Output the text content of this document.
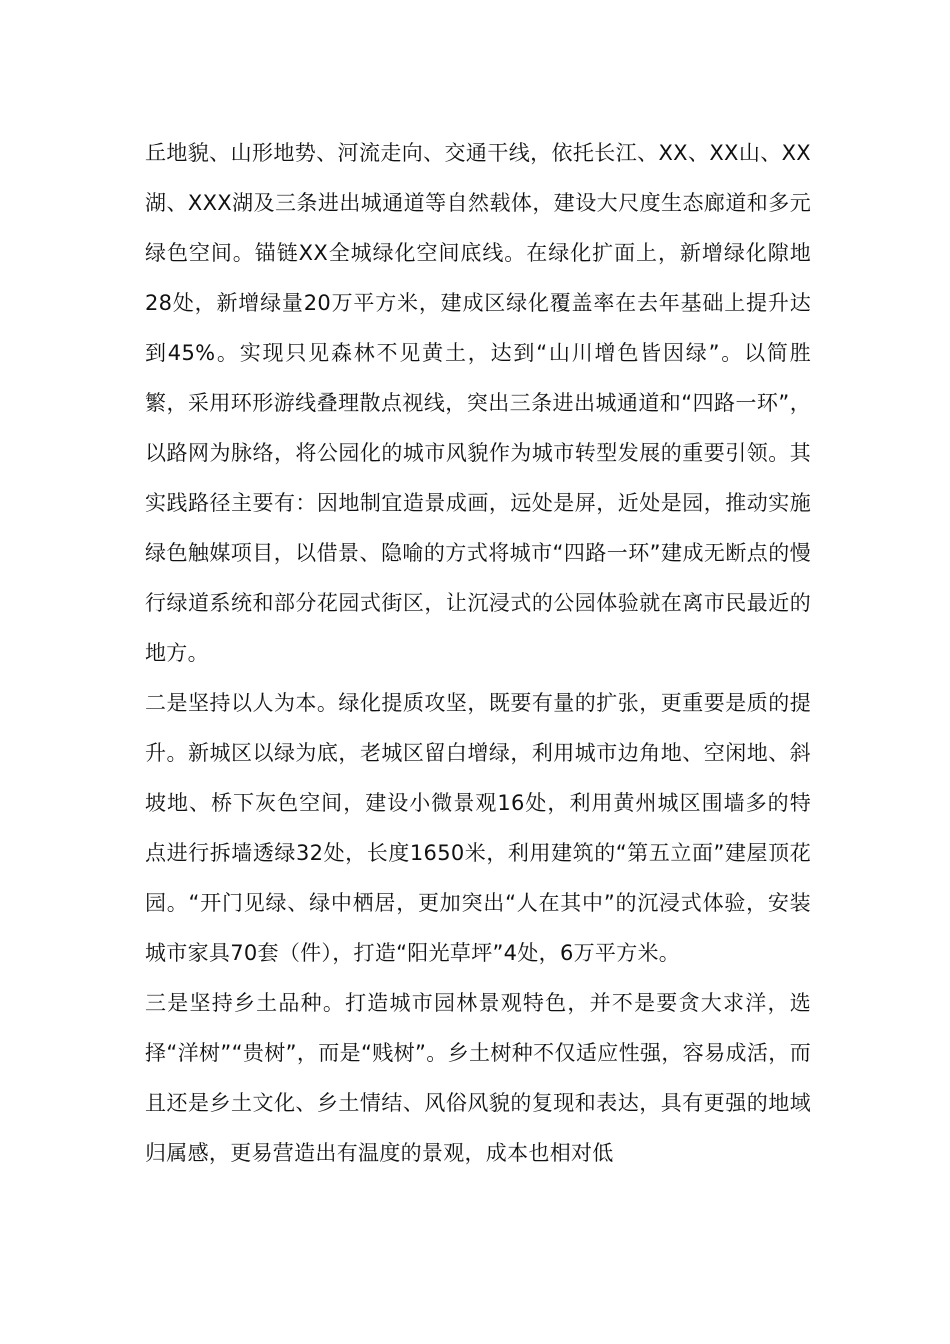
丘地貌、山形地势、河流走向、交通干线，依托长江、XX、XX山、XX湖、XXX湖及三条进出城通道等自然载体，建设大尺度生态廊道和多元绿色空间。锚链XX全城绿化空间底线。在绿化扩面上，新增绿化隙地28处，新增绿量20万平方米，建成区绿化覆盖率在去年基础上提升达到45%。实现只见森林不见黄土，达到“山川增色皆因绿”。以简胜繁，采用环形游线叠理散点视线，突出三条进出城通道和“四路一环”，以路网为脉络，将公园化的城市风貌作为城市转型发展的重要引领。其实践路径主要有：因地制宜造景成画，远处是屏，近处是园，推动实施绿色触媒项目，以借景、隐喻的方式将城市“四路一环”建成无断点的慢行绿道系统和部分花园式街区，让沉浸式的公园体验就在离市民最近的地方。

二是坚持以人为本。绿化提质攻坚，既要有量的扩张，更重要是质的提升。新城区以绿为底，老城区留白增绿，利用城市边角地、空闲地、斜坡地、桥下灰色空间，建设小微景观16处，利用黄州城区围墙多的特点进行拆墙透绿32处，长度1650米，利用建筑的“第五立面”建屋顶花园。“开门见绿、绿中栖居，更加突出“人在其中”的沉浸式体验，安装城市家具70套（件），打造“阳光草坪”4处，6万平方米。

三是坚持乡土品种。打造城市园林景观特色，并不是要贪大求洋，选择“洋树”“贵树”，而是“贱树”。乡土树种不仅适应性强，容易成活，而且还是乡土文化、乡土情结、风俗风貌的复现和表达，具有更强的地域归属感，更易营造出有温度的景观，成本也相对低
